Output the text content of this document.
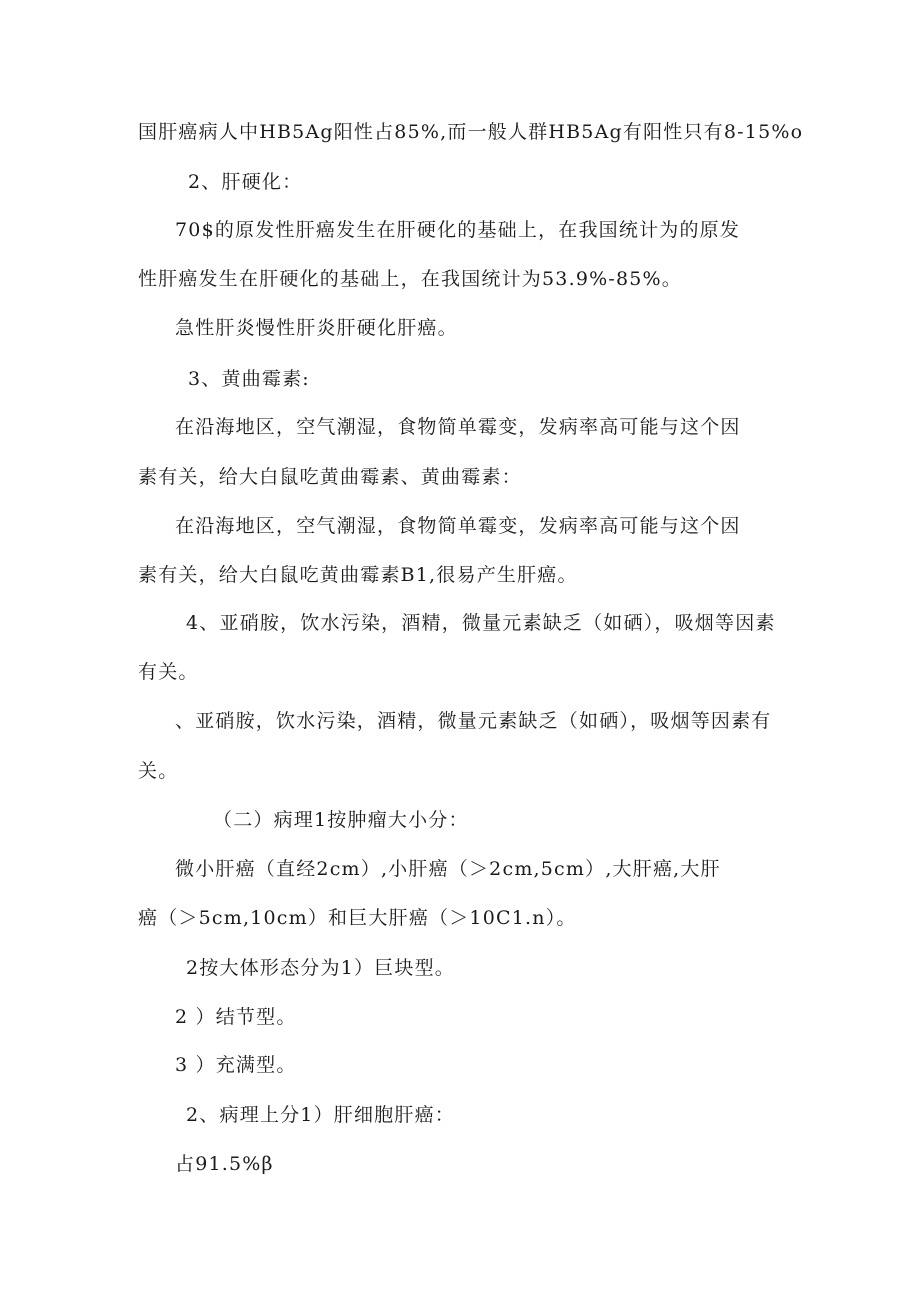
国肝癌病人中HB5Ag阳性占85%,而一般人群HB5Ag有阳性只有8-15%o
2、肝硬化：
70$的原发性肝癌发生在肝硬化的基础上，在我国统计为的原发
性肝癌发生在肝硬化的基础上，在我国统计为53.9%-85%。
急性肝炎慢性肝炎肝硬化肝癌。
3、黄曲霉素:
在沿海地区，空气潮湿，食物简单霉变，发病率高可能与这个因
素有关，给大白鼠吃黄曲霉素、黄曲霉素：
在沿海地区，空气潮湿，食物简单霉变，发病率高可能与这个因
素有关，给大白鼠吃黄曲霉素B1,很易产生肝癌。
4、亚硝胺，饮水污染，酒精，微量元素缺乏（如硒），吸烟等因素
有关。
、亚硝胺，饮水污染，酒精，微量元素缺乏（如硒），吸烟等因素有
关。
（二）病理1按肿瘤大小分：
微小肝癌（直经2cm）,小肝癌（＞2cm,5cm）,大肝癌,大肝
癌（＞5cm,10cm）和巨大肝癌（＞10C1.n）。
2按大体形态分为1）巨块型。
2 ）结节型。
3 ）充满型。
2、病理上分1）肝细胞肝癌：
占91.5%β
